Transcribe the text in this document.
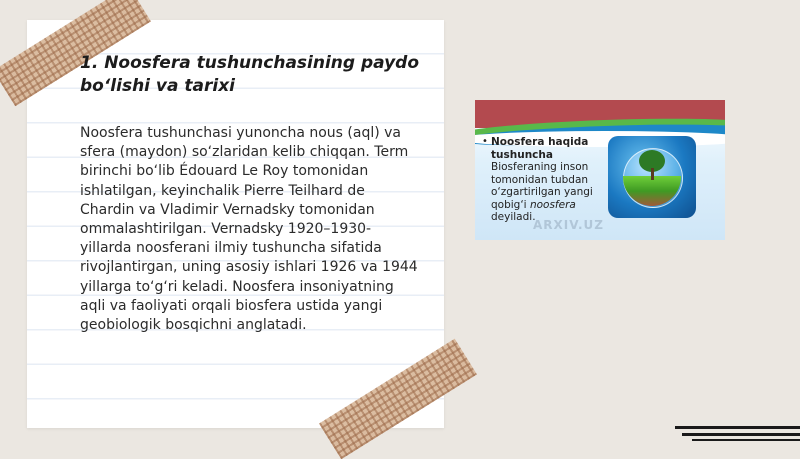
1. Noosfera tushunchasining paydo
bo‘lishi va tarixi

Noosfera tushunchasi yunoncha nous (aql) va sfera (maydon) so‘zlaridan kelib chiqqan. Term birinchi bo‘lib Édouard Le Roy tomonidan ishlatilgan, keyinchalik Pierre Teilhard de Chardin va Vladimir Vernadsky tomonidan ommalashtirilgan. Vernadsky 1920–1930-yillarda noosferani ilmiy tushuncha sifatida rivojlantirgan, uning asosiy ishlari 1926 va 1944 yillarga to‘g‘ri keladi. Noosfera insoniyatning aqli va faoliyati orqali biosfera ustida yangi geobiologik bosqichni anglatadi.

• Noosfera haqida tushuncha
Biosferaning inson tomonidan tubdan o‘zgartirilgan yangi qobig‘i noosfera deyiladi.
ARXIV.UZ
